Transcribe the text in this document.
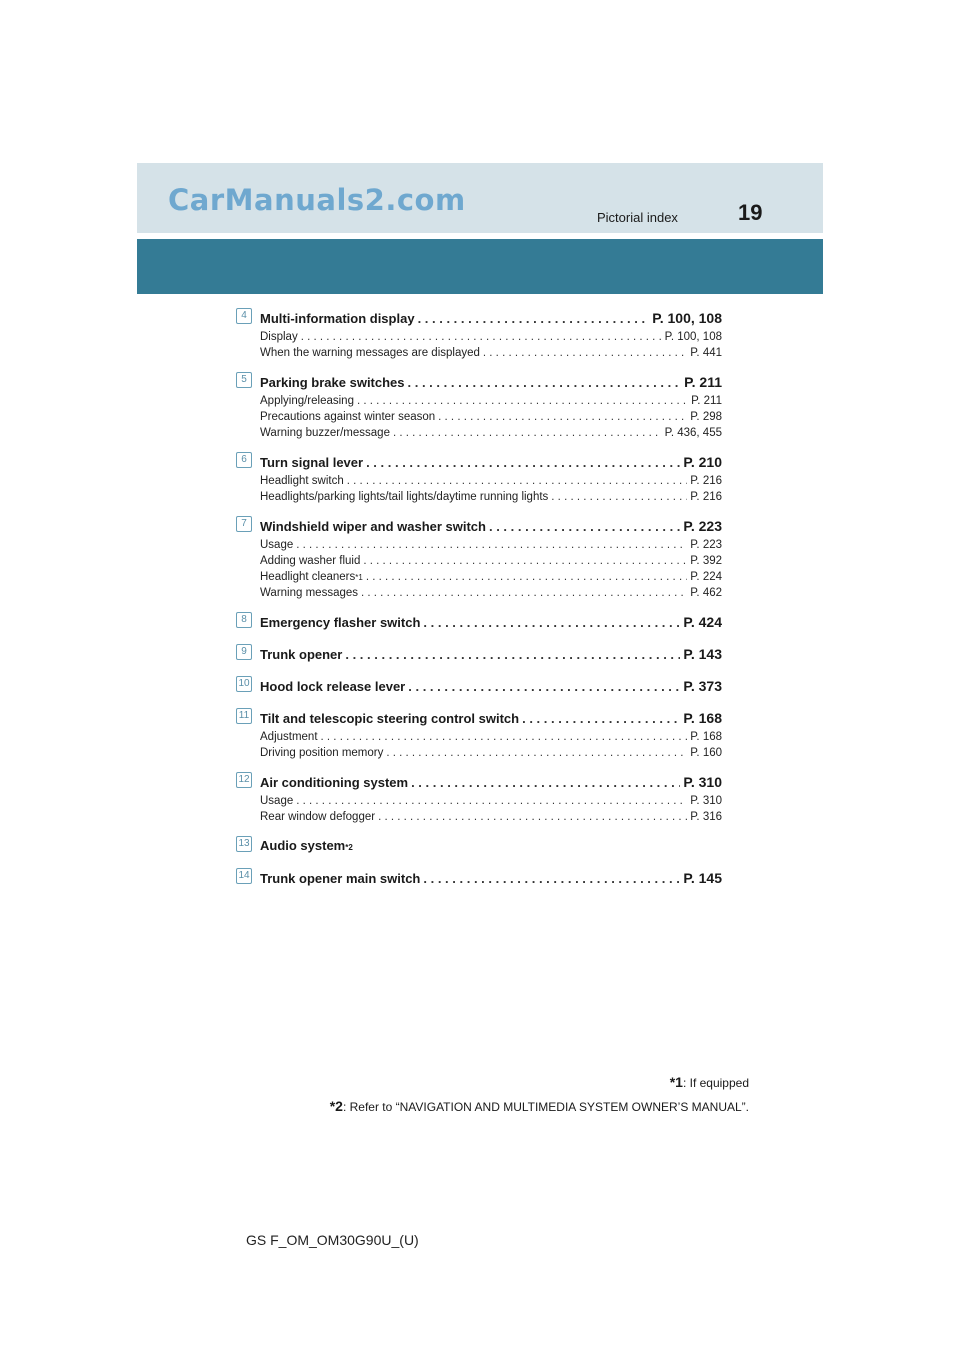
CarManuals2.com
Pictorial index	19
4	Multi-information display . . .	P. 100, 108
Display . . .	P. 100, 108
When the warning messages are displayed . . .	P. 441
5	Parking brake switches . . .	P. 211
Applying/releasing . . .	P. 211
Precautions against winter season . . .	P. 298
Warning buzzer/message . . .	P. 436, 455
6	Turn signal lever . . .	P. 210
Headlight switch . . .	P. 216
Headlights/parking lights/tail lights/daytime running lights . . .	P. 216
7	Windshield wiper and washer switch . . .	P. 223
Usage . . .	P. 223
Adding washer fluid . . .	P. 392
Headlight cleaners *1 . . .	P. 224
Warning messages . . .	P. 462
8	Emergency flasher switch . . .	P. 424
9	Trunk opener . . .	P. 143
10 Hood lock release lever . . .	P. 373
11 Tilt and telescopic steering control switch . . .	P. 168
Adjustment . . .	P. 168
Driving position memory . . .	P. 160
12 Air conditioning system . . .	P. 310
Usage . . .	P. 310
Rear window defogger . . .	P. 316
13 Audio system *2
14 Trunk opener main switch . . .	P. 145
*1: If equipped
*2: Refer to “NAVIGATION AND MULTIMEDIA SYSTEM OWNER’S MANUAL”.
GS F_OM_OM30G90U_(U)
